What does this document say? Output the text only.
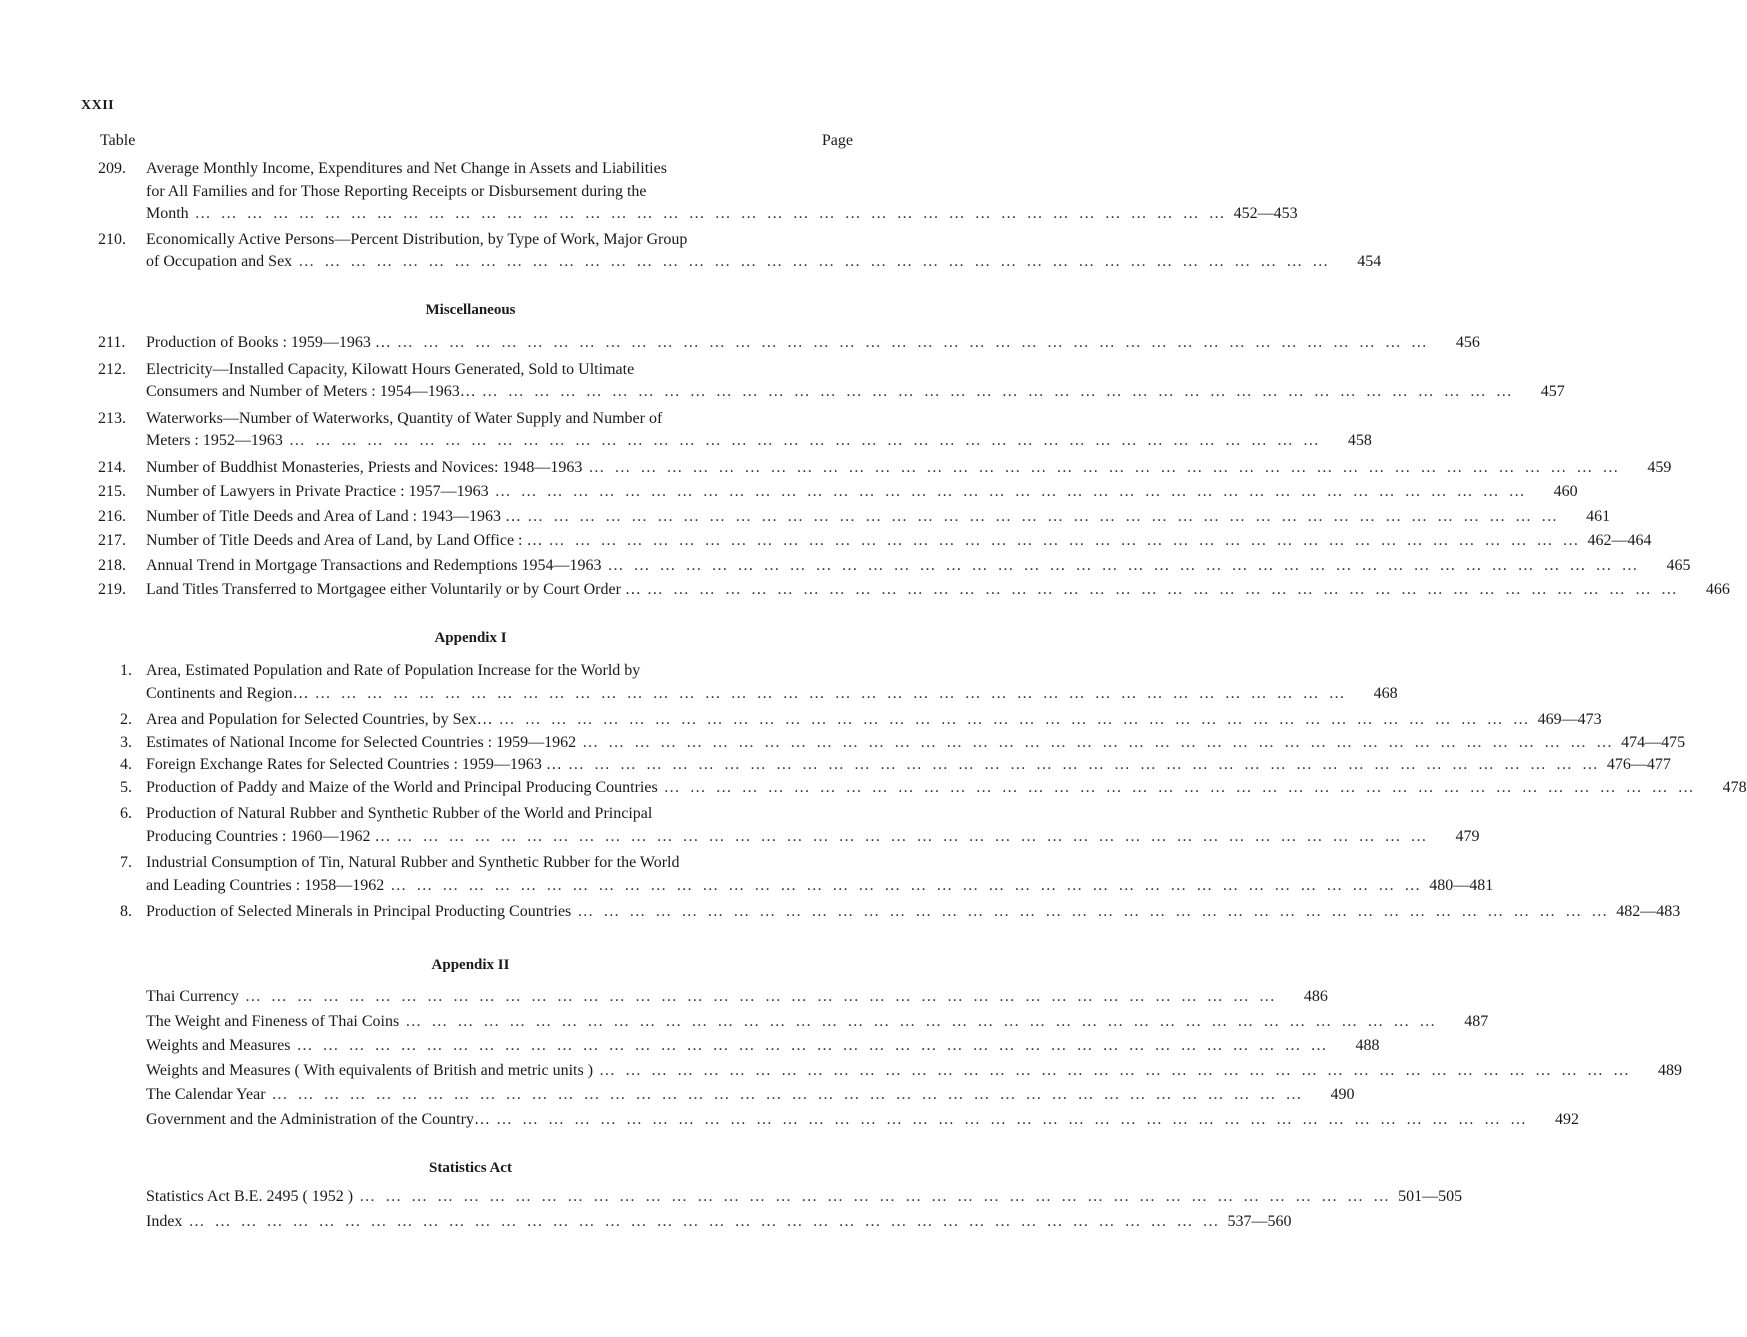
XXII
Table	Page
209.	Average Monthly Income, Expenditures and Net Change in Assets and Liabilities
for All Families and for Those Reporting Receipts or Disbursement during the
Month … … … … … … … … … … … … … … … … … … … … … … … … … … … … … … … … … … … … … … … …	452—453
210.	Economically Active Persons—Percent Distribution, by Type of Work, Major Group
of Occupation and Sex … … … … … … … … … … … … … … … … … … … … … … … … … … … … … … … … … … … … … … … …	454
Miscellaneous
211.	Production of Books : 1959—1963 … … … … … … … … … … … … … … … … … … … … … … … … … … … … … … … … … … … … … … … … …	456
212.	Electricity—Installed Capacity, Kilowatt Hours Generated, Sold to Ultimate
Consumers and Number of Meters : 1954—1963… … … … … … … … … … … … … … … … … … … … … … … … … … … … … … … … … … … … … … … … …	457
213.	Waterworks—Number of Waterworks, Quantity of Water Supply and Number of
Meters : 1952—1963 … … … … … … … … … … … … … … … … … … … … … … … … … … … … … … … … … … … … … … … …	458
214.	Number of Buddhist Monasteries, Priests and Novices: 1948—1963 … … … … … … … … … … … … … … … … … … … … … … … … … … … … … … … … … … … … … … … …	459
215.	Number of Lawyers in Private Practice : 1957—1963 … … … … … … … … … … … … … … … … … … … … … … … … … … … … … … … … … … … … … … … …	460
216.	Number of Title Deeds and Area of Land : 1943—1963 … … … … … … … … … … … … … … … … … … … … … … … … … … … … … … … … … … … … … … … … …	461
217.	Number of Title Deeds and Area of Land, by Land Office : … … … … … … … … … … … … … … … … … … … … … … … … … … … … … … … … … … … … … … … … …	462—464
218.	Annual Trend in Mortgage Transactions and Redemptions 1954—1963 … … … … … … … … … … … … … … … … … … … … … … … … … … … … … … … … … … … … … … … …	465
219.	Land Titles Transferred to Mortgagee either Voluntarily or by Court Order … … … … … … … … … … … … … … … … … … … … … … … … … … … … … … … … … … … … … … … … …	466
Appendix I
1. Area, Estimated Population and Rate of Population Increase for the World by
Continents and Region… … … … … … … … … … … … … … … … … … … … … … … … … … … … … … … … … … … … … … … … …	468
2. Area and Population for Selected Countries, by Sex… … … … … … … … … … … … … … … … … … … … … … … … … … … … … … … … … … … … … … … … …	469—473
3. Estimates of National Income for Selected Countries : 1959—1962 … … … … … … … … … … … … … … … … … … … … … … … … … … … … … … … … … … … … … … … …	474—475
4. Foreign Exchange Rates for Selected Countries : 1959—1963 … … … … … … … … … … … … … … … … … … … … … … … … … … … … … … … … … … … … … … … … …	476—477
5. Production of Paddy and Maize of the World and Principal Producing Countries … … … … … … … … … … … … … … … … … … … … … … … … … … … … … … … … … … … … … … … …	478
6. Production of Natural Rubber and Synthetic Rubber of the World and Principal
Producing Countries : 1960—1962 … … … … … … … … … … … … … … … … … … … … … … … … … … … … … … … … … … … … … … … … …	479
7. Industrial Consumption of Tin, Natural Rubber and Synthetic Rubber for the World
and Leading Countries : 1958—1962 … … … … … … … … … … … … … … … … … … … … … … … … … … … … … … … … … … … … … … … …	480—481
8. Production of Selected Minerals in Principal Producting Countries … … … … … … … … … … … … … … … … … … … … … … … … … … … … … … … … … … … … … … … …	482—483
Appendix II
Thai Currency … … … … … … … … … … … … … … … … … … … … … … … … … … … … … … … … … … … … … … … …	486
The Weight and Fineness of Thai Coins … … … … … … … … … … … … … … … … … … … … … … … … … … … … … … … … … … … … … … … …	487
Weights and Measures … … … … … … … … … … … … … … … … … … … … … … … … … … … … … … … … … … … … … … … …	488
Weights and Measures ( With equivalents of British and metric units ) … … … … … … … … … … … … … … … … … … … … … … … … … … … … … … … … … … … … … … … …	489
The Calendar Year … … … … … … … … … … … … … … … … … … … … … … … … … … … … … … … … … … … … … … … …	490
Government and the Administration of the Country… … … … … … … … … … … … … … … … … … … … … … … … … … … … … … … … … … … … … … … … …	492
Statistics Act
Statistics Act B.E. 2495 ( 1952 ) … … … … … … … … … … … … … … … … … … … … … … … … … … … … … … … … … … … … … … … …	501—505
Index … … … … … … … … … … … … … … … … … … … … … … … … … … … … … … … … … … … … … … … …	537—560
